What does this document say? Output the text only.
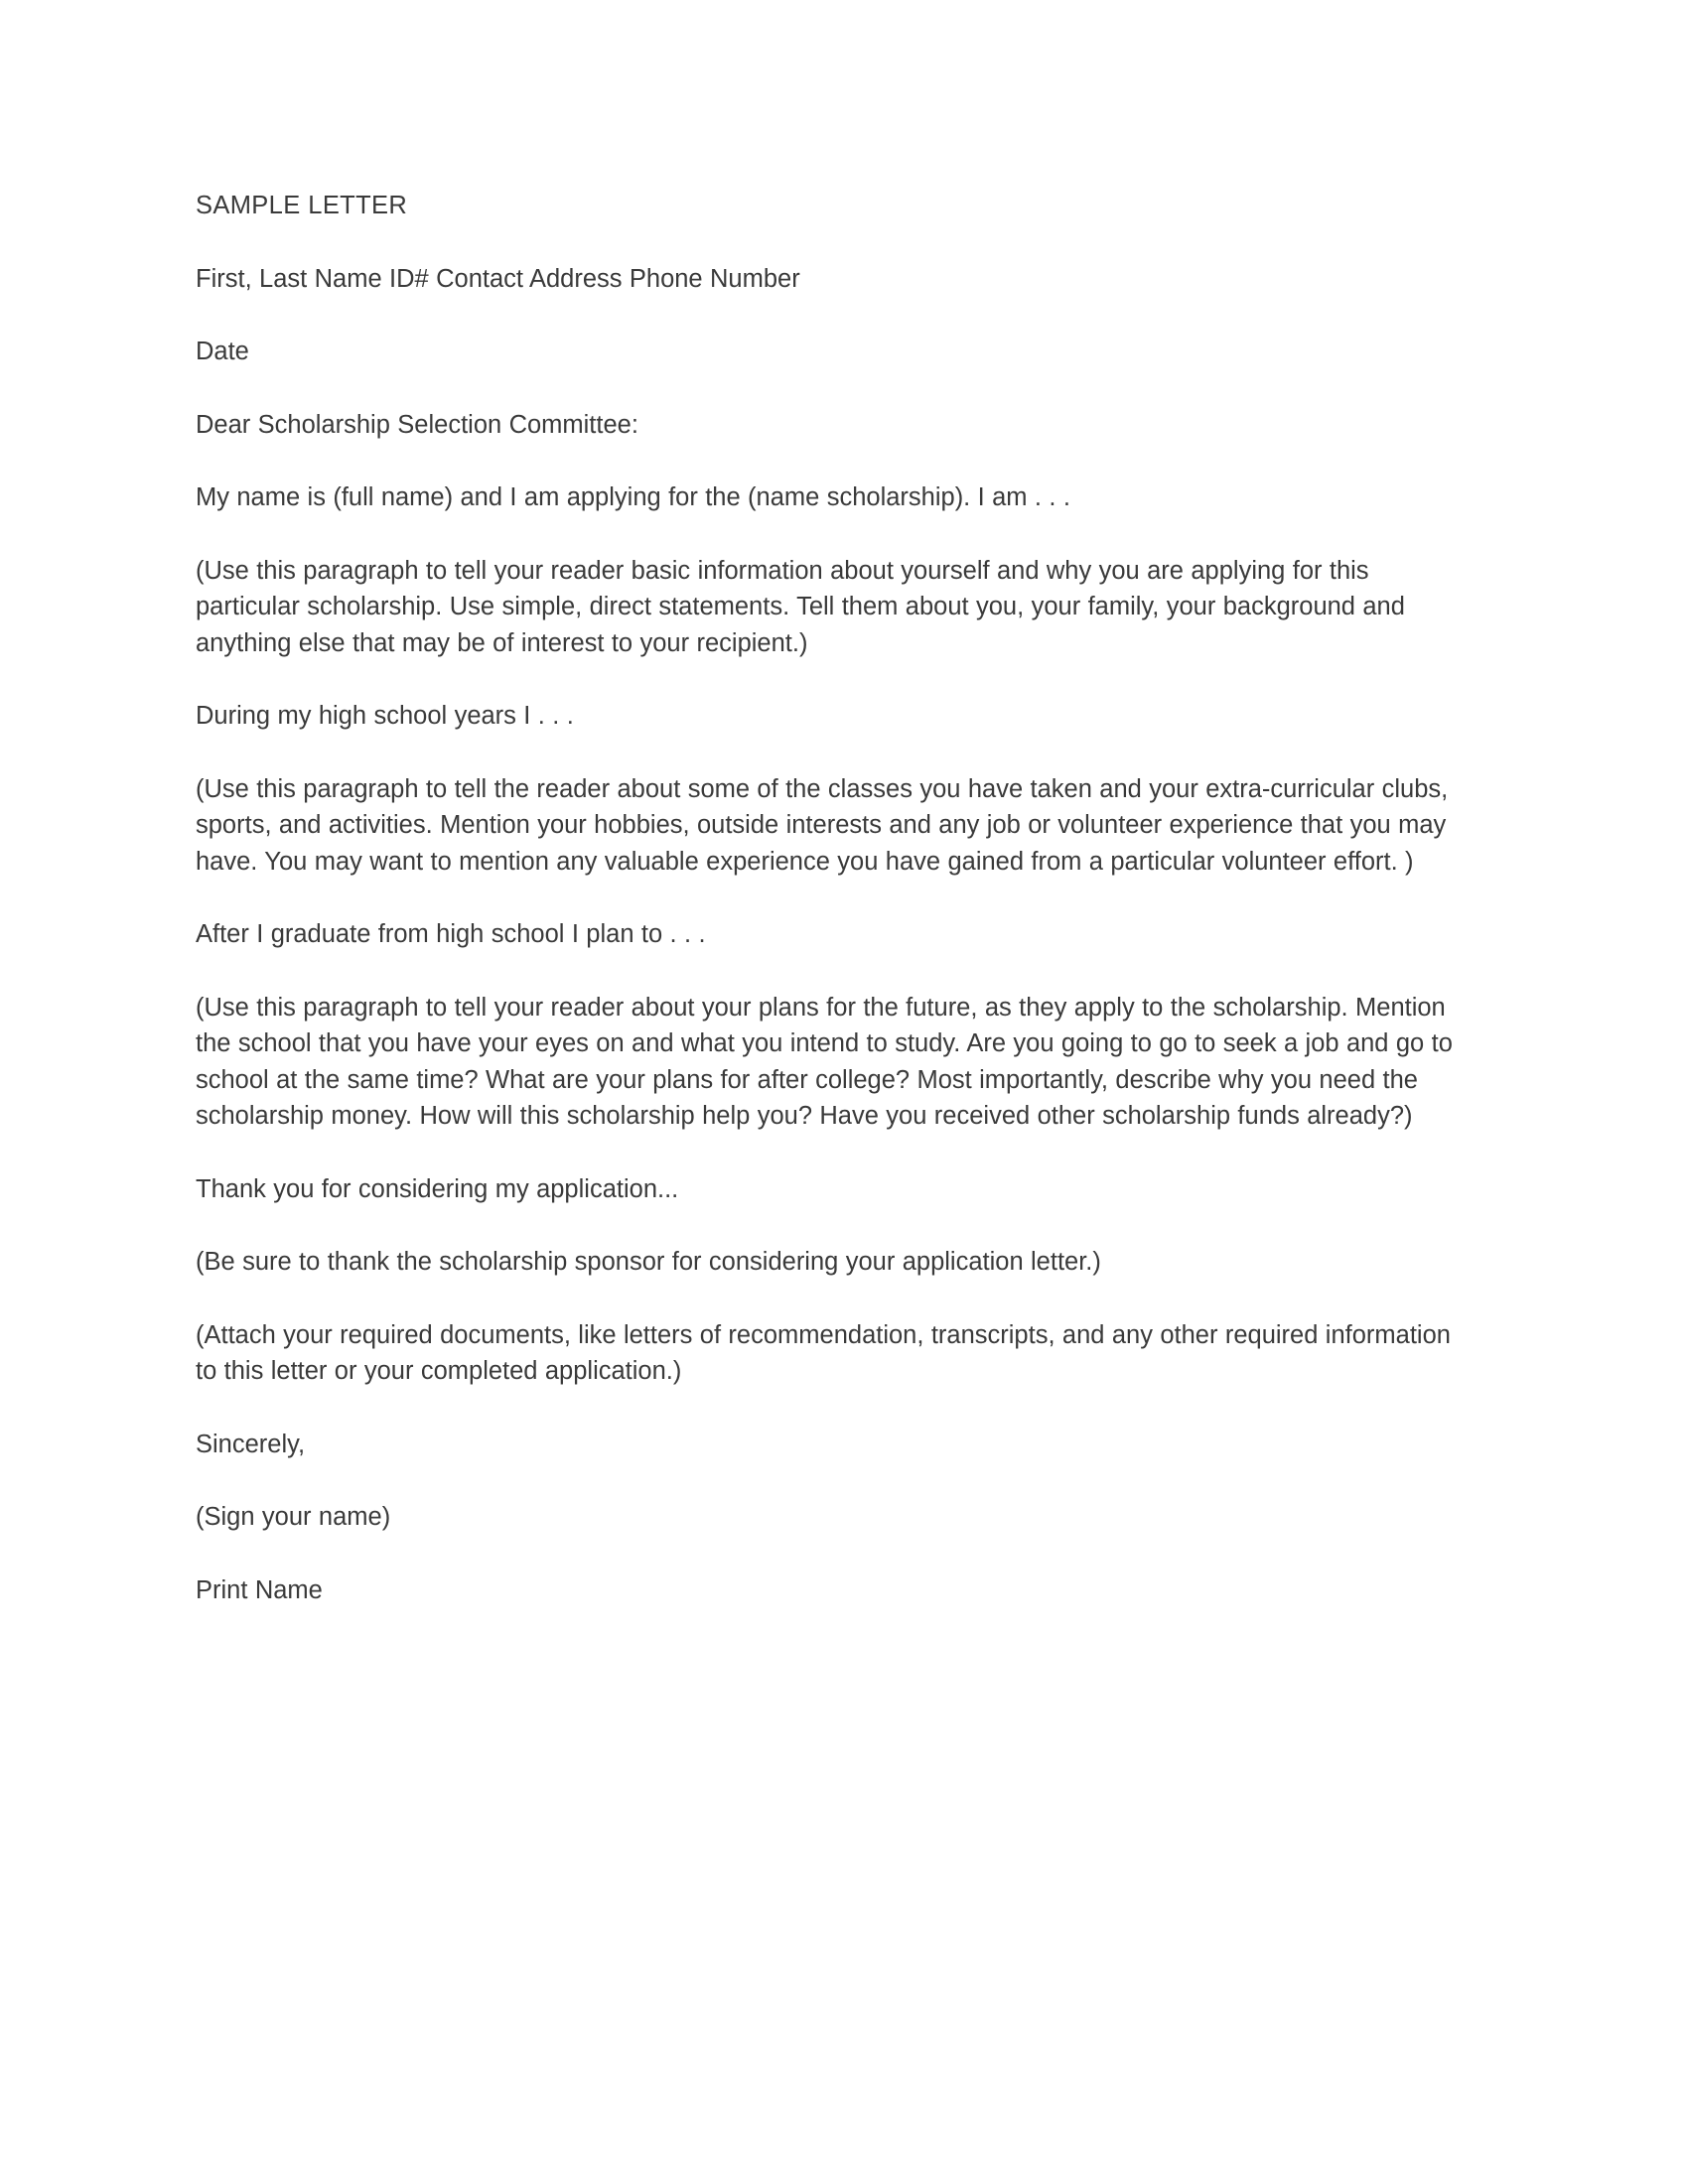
SAMPLE LETTER

First, Last Name ID# Contact Address Phone Number

Date

Dear Scholarship Selection Committee:

My name is (full name) and I am applying for the (name scholarship). I am . . .

(Use this paragraph to tell your reader basic information about yourself and why you are applying for this particular scholarship. Use simple, direct statements. Tell them about you, your family, your background and anything else that may be of interest to your recipient.)

During my high school years I . . .

(Use this paragraph to tell the reader about some of the classes you have taken and your extra-curricular clubs, sports, and activities. Mention your hobbies, outside interests and any job or volunteer experience that you may have. You may want to mention any valuable experience you have gained from a particular volunteer effort. )

After I graduate from high school I plan to . . .

(Use this paragraph to tell your reader about your plans for the future, as they apply to the scholarship. Mention the school that you have your eyes on and what you intend to study. Are you going to go to seek a job and go to school at the same time? What are your plans for after college? Most importantly, describe why you need the scholarship money. How will this scholarship help you? Have you received other scholarship funds already?)

Thank you for considering my application...

(Be sure to thank the scholarship sponsor for considering your application letter.)

(Attach your required documents, like letters of recommendation, transcripts, and any other required information to this letter or your completed application.)

Sincerely,

(Sign your name)

Print Name
